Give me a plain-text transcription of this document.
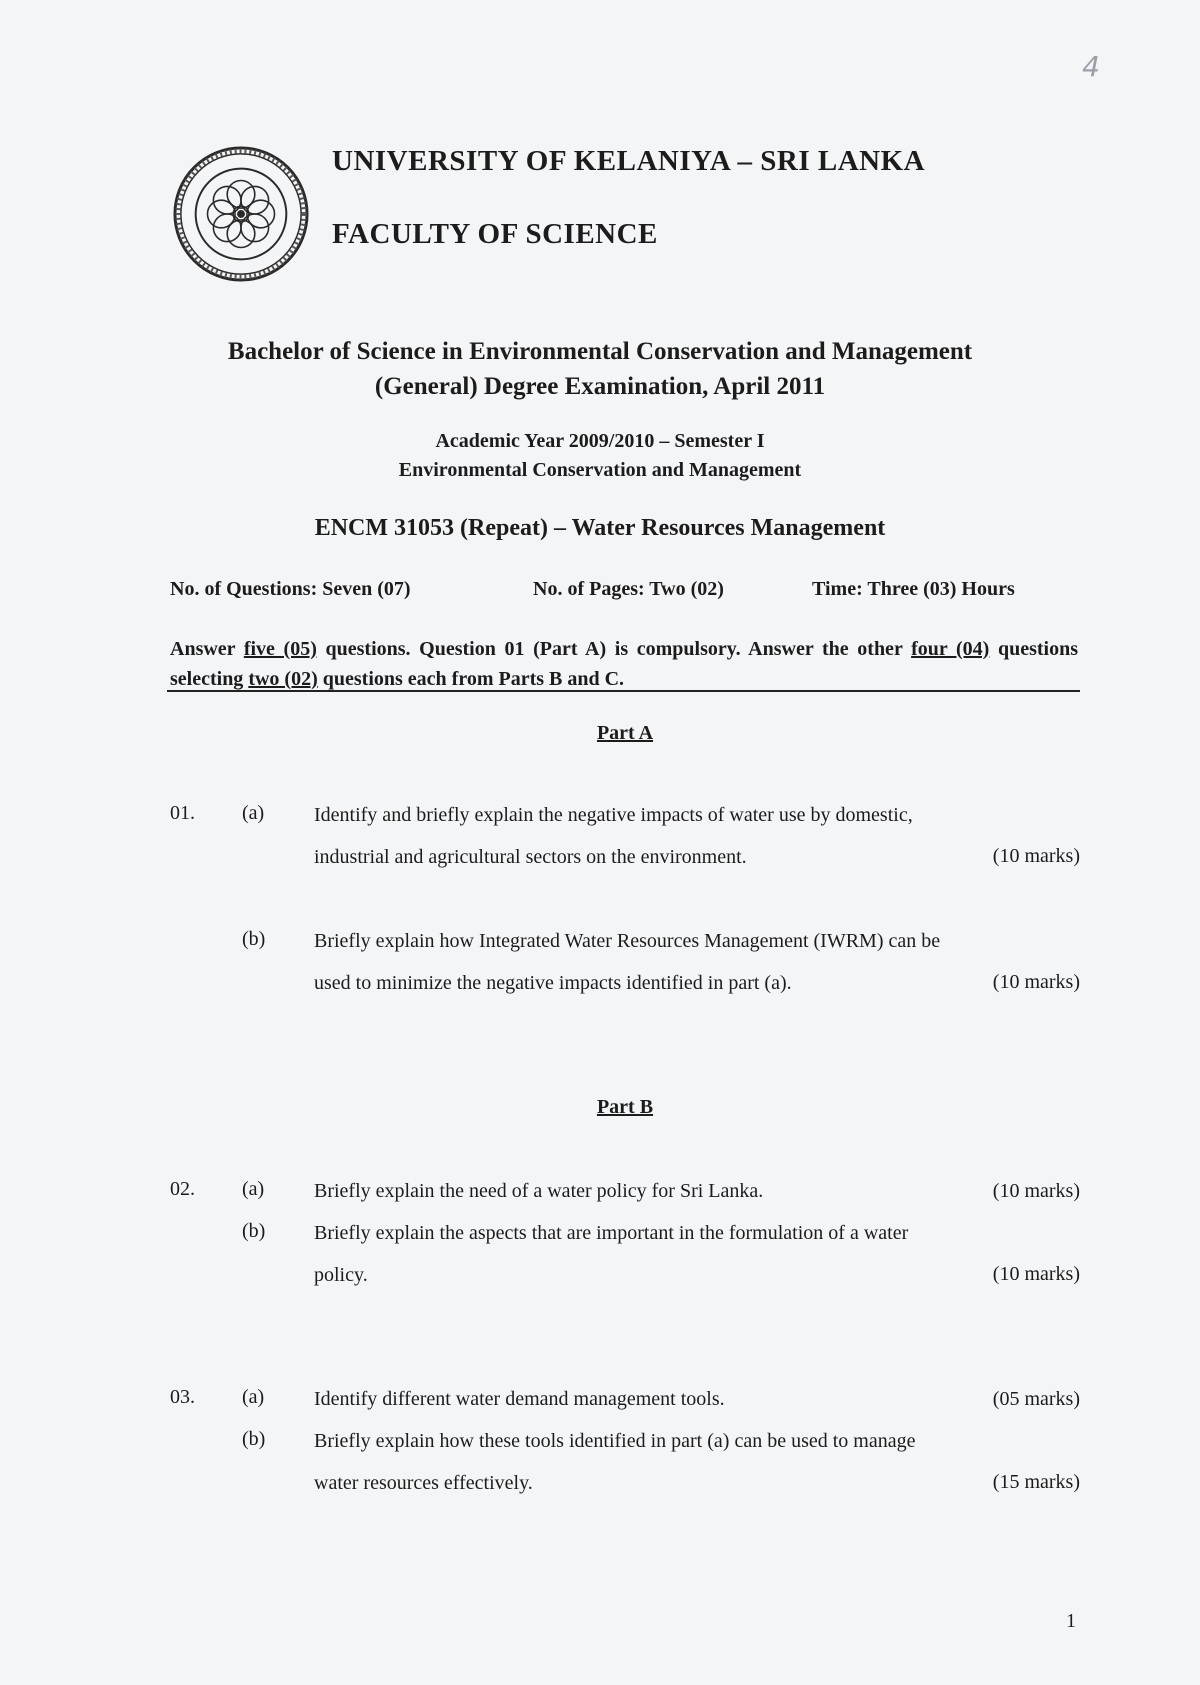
4
UNIVERSITY OF KELANIYA – SRI LANKA
FACULTY OF SCIENCE
Bachelor of Science in Environmental Conservation and Management
(General) Degree Examination, April 2011
Academic Year 2009/2010 – Semester I
Environmental Conservation and Management
ENCM 31053 (Repeat) – Water Resources Management
No. of Questions: Seven (07)	No. of Pages: Two (02)	Time: Three (03) Hours
Answer five (05) questions. Question 01 (Part A) is compulsory. Answer the other four (04) questions selecting two (02) questions each from Parts B and C.
Part A
01. (a) Identify and briefly explain the negative impacts of water use by domestic,
industrial and agricultural sectors on the environment.	(10 marks)
(b) Briefly explain how Integrated Water Resources Management (IWRM) can be
used to minimize the negative impacts identified in part (a).	(10 marks)
Part B
02. (a) Briefly explain the need of a water policy for Sri Lanka.	(10 marks)
(b) Briefly explain the aspects that are important in the formulation of a water
policy.	(10 marks)
03. (a) Identify different water demand management tools.	(05 marks)
(b) Briefly explain how these tools identified in part (a) can be used to manage
water resources effectively.	(15 marks)
1
